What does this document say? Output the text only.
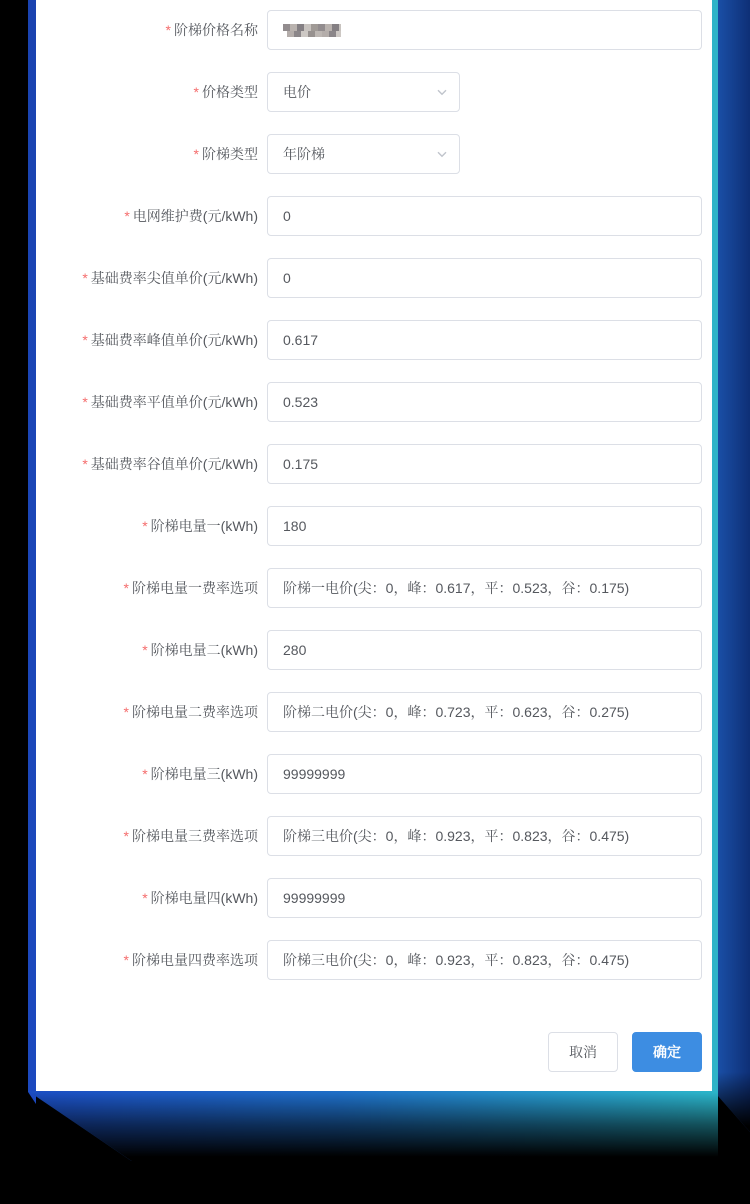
* 阶梯价格名称
* 价格类型	电价
* 阶梯类型	年阶梯
* 电网维护费(元/kWh)
0
* 基础费率尖值单价(元/kWh)
0
* 基础费率峰值单价(元/kWh)
0.617
* 基础费率平值单价(元/kWh)
0.523
* 基础费率谷值单价(元/kWh)
0.175
* 阶梯电量一(kWh)
180
* 阶梯电量一费率选项
阶梯一电价(尖：0，峰：0.617，平：0.523，谷：0.175)
* 阶梯电量二(kWh)
280
* 阶梯电量二费率选项
阶梯二电价(尖：0，峰：0.723，平：0.623，谷：0.275)
* 阶梯电量三(kWh)
99999999
* 阶梯电量三费率选项
阶梯三电价(尖：0，峰：0.923，平：0.823，谷：0.475)
* 阶梯电量四(kWh)
99999999
* 阶梯电量四费率选项
阶梯三电价(尖：0，峰：0.923，平：0.823，谷：0.475)
取消	确定
